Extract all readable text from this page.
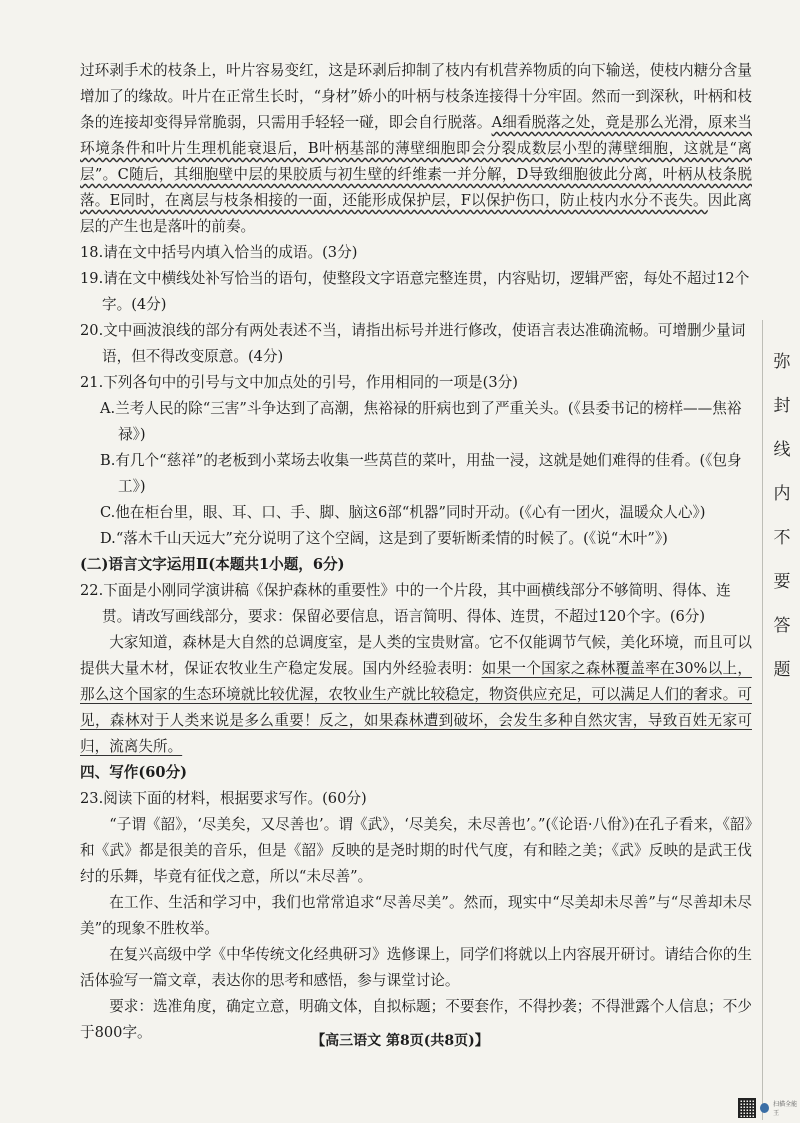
过环剥手术的枝条上，叶片容易变红，这是环剥后抑制了枝内有机营养物质的向下输送，使枝内糖分含量增加了的缘故。叶片在正常生长时，“身材”娇小的叶柄与枝条连接得十分牢固。然而一到深秋，叶柄和枝条的连接却变得异常脆弱，只需用手轻轻一碰，即会自行脱落。A细看脱落之处，竟是那么光滑，原来当环境条件和叶片生理机能衰退后，B叶柄基部的薄壁细胞即会分裂成数层小型的薄壁细胞，这就是“离层”。C随后，其细胞壁中层的果胶质与初生壁的纤维素一并分解，D导致细胞彼此分离，叶柄从枝条脱落。E同时，在离层与枝条相接的一面，还能形成保护层，F以保护伤口，防止枝内水分不丧失。因此离层的产生也是落叶的前奏。

18.请在文中括号内填入恰当的成语。(3分)

19.请在文中横线处补写恰当的语句，使整段文字语意完整连贯，内容贴切，逻辑严密，每处不超过12个字。(4分)

20.文中画波浪线的部分有两处表述不当，请指出标号并进行修改，使语言表达准确流畅。可增删少量词语，但不得改变原意。(4分)

21.下列各句中的引号与文中加点处的引号，作用相同的一项是(3分)

A.兰考人民的除“三害”斗争达到了高潮，焦裕禄的肝病也到了严重关头。(《县委书记的榜样——焦裕禄》)

B.有几个“慈祥”的老板到小菜场去收集一些莴苣的菜叶，用盐一浸，这就是她们难得的佳肴。(《包身工》)

C.他在柜台里，眼、耳、口、手、脚、脑这6部“机器”同时开动。(《心有一团火，温暖众人心》)

D.“落木千山天远大”充分说明了这个空阔，这是到了要斩断柔情的时候了。(《说“木叶”》)

(二)语言文字运用Ⅱ(本题共1小题，6分)

22.下面是小刚同学演讲稿《保护森林的重要性》中的一个片段，其中画横线部分不够简明、得体、连贯。请改写画线部分，要求：保留必要信息，语言简明、得体、连贯，不超过120个字。(6分)

大家知道，森林是大自然的总调度室，是人类的宝贵财富。它不仅能调节气候，美化环境，而且可以提供大量木材，保证农牧业生产稳定发展。国内外经验表明：如果一个国家之森林覆盖率在30%以上，那么这个国家的生态环境就比较优渥，农牧业生产就比较稳定，物资供应充足，可以满足人们的奢求。可见，森林对于人类来说是多么重要！反之，如果森林遭到破坏，会发生多种自然灾害，导致百姓无家可归，流离失所。

四、写作(60分)

23.阅读下面的材料，根据要求写作。(60分)

“子谓《韶》，‘尽美矣，又尽善也’。谓《武》，‘尽美矣，未尽善也’。”(《论语·八佾》)在孔子看来，《韶》和《武》都是很美的音乐，但是《韶》反映的是尧时期的时代气度，有和睦之美；《武》反映的是武王伐纣的乐舞，毕竟有征伐之意，所以“未尽善”。

在工作、生活和学习中，我们也常常追求“尽善尽美”。然而，现实中“尽美却未尽善”与“尽善却未尽美”的现象不胜枚举。

在复兴高级中学《中华传统文化经典研习》选修课上，同学们将就以上内容展开研讨。请结合你的生活体验写一篇文章，表达你的思考和感悟，参与课堂讨论。

要求：选准角度，确定立意，明确文体，自拟标题；不要套作，不得抄袭；不得泄露个人信息；不少于800字。	【高三语文 第8页(共8页)】
弥
封
线
内
不
要
答
题
扫描全能王
